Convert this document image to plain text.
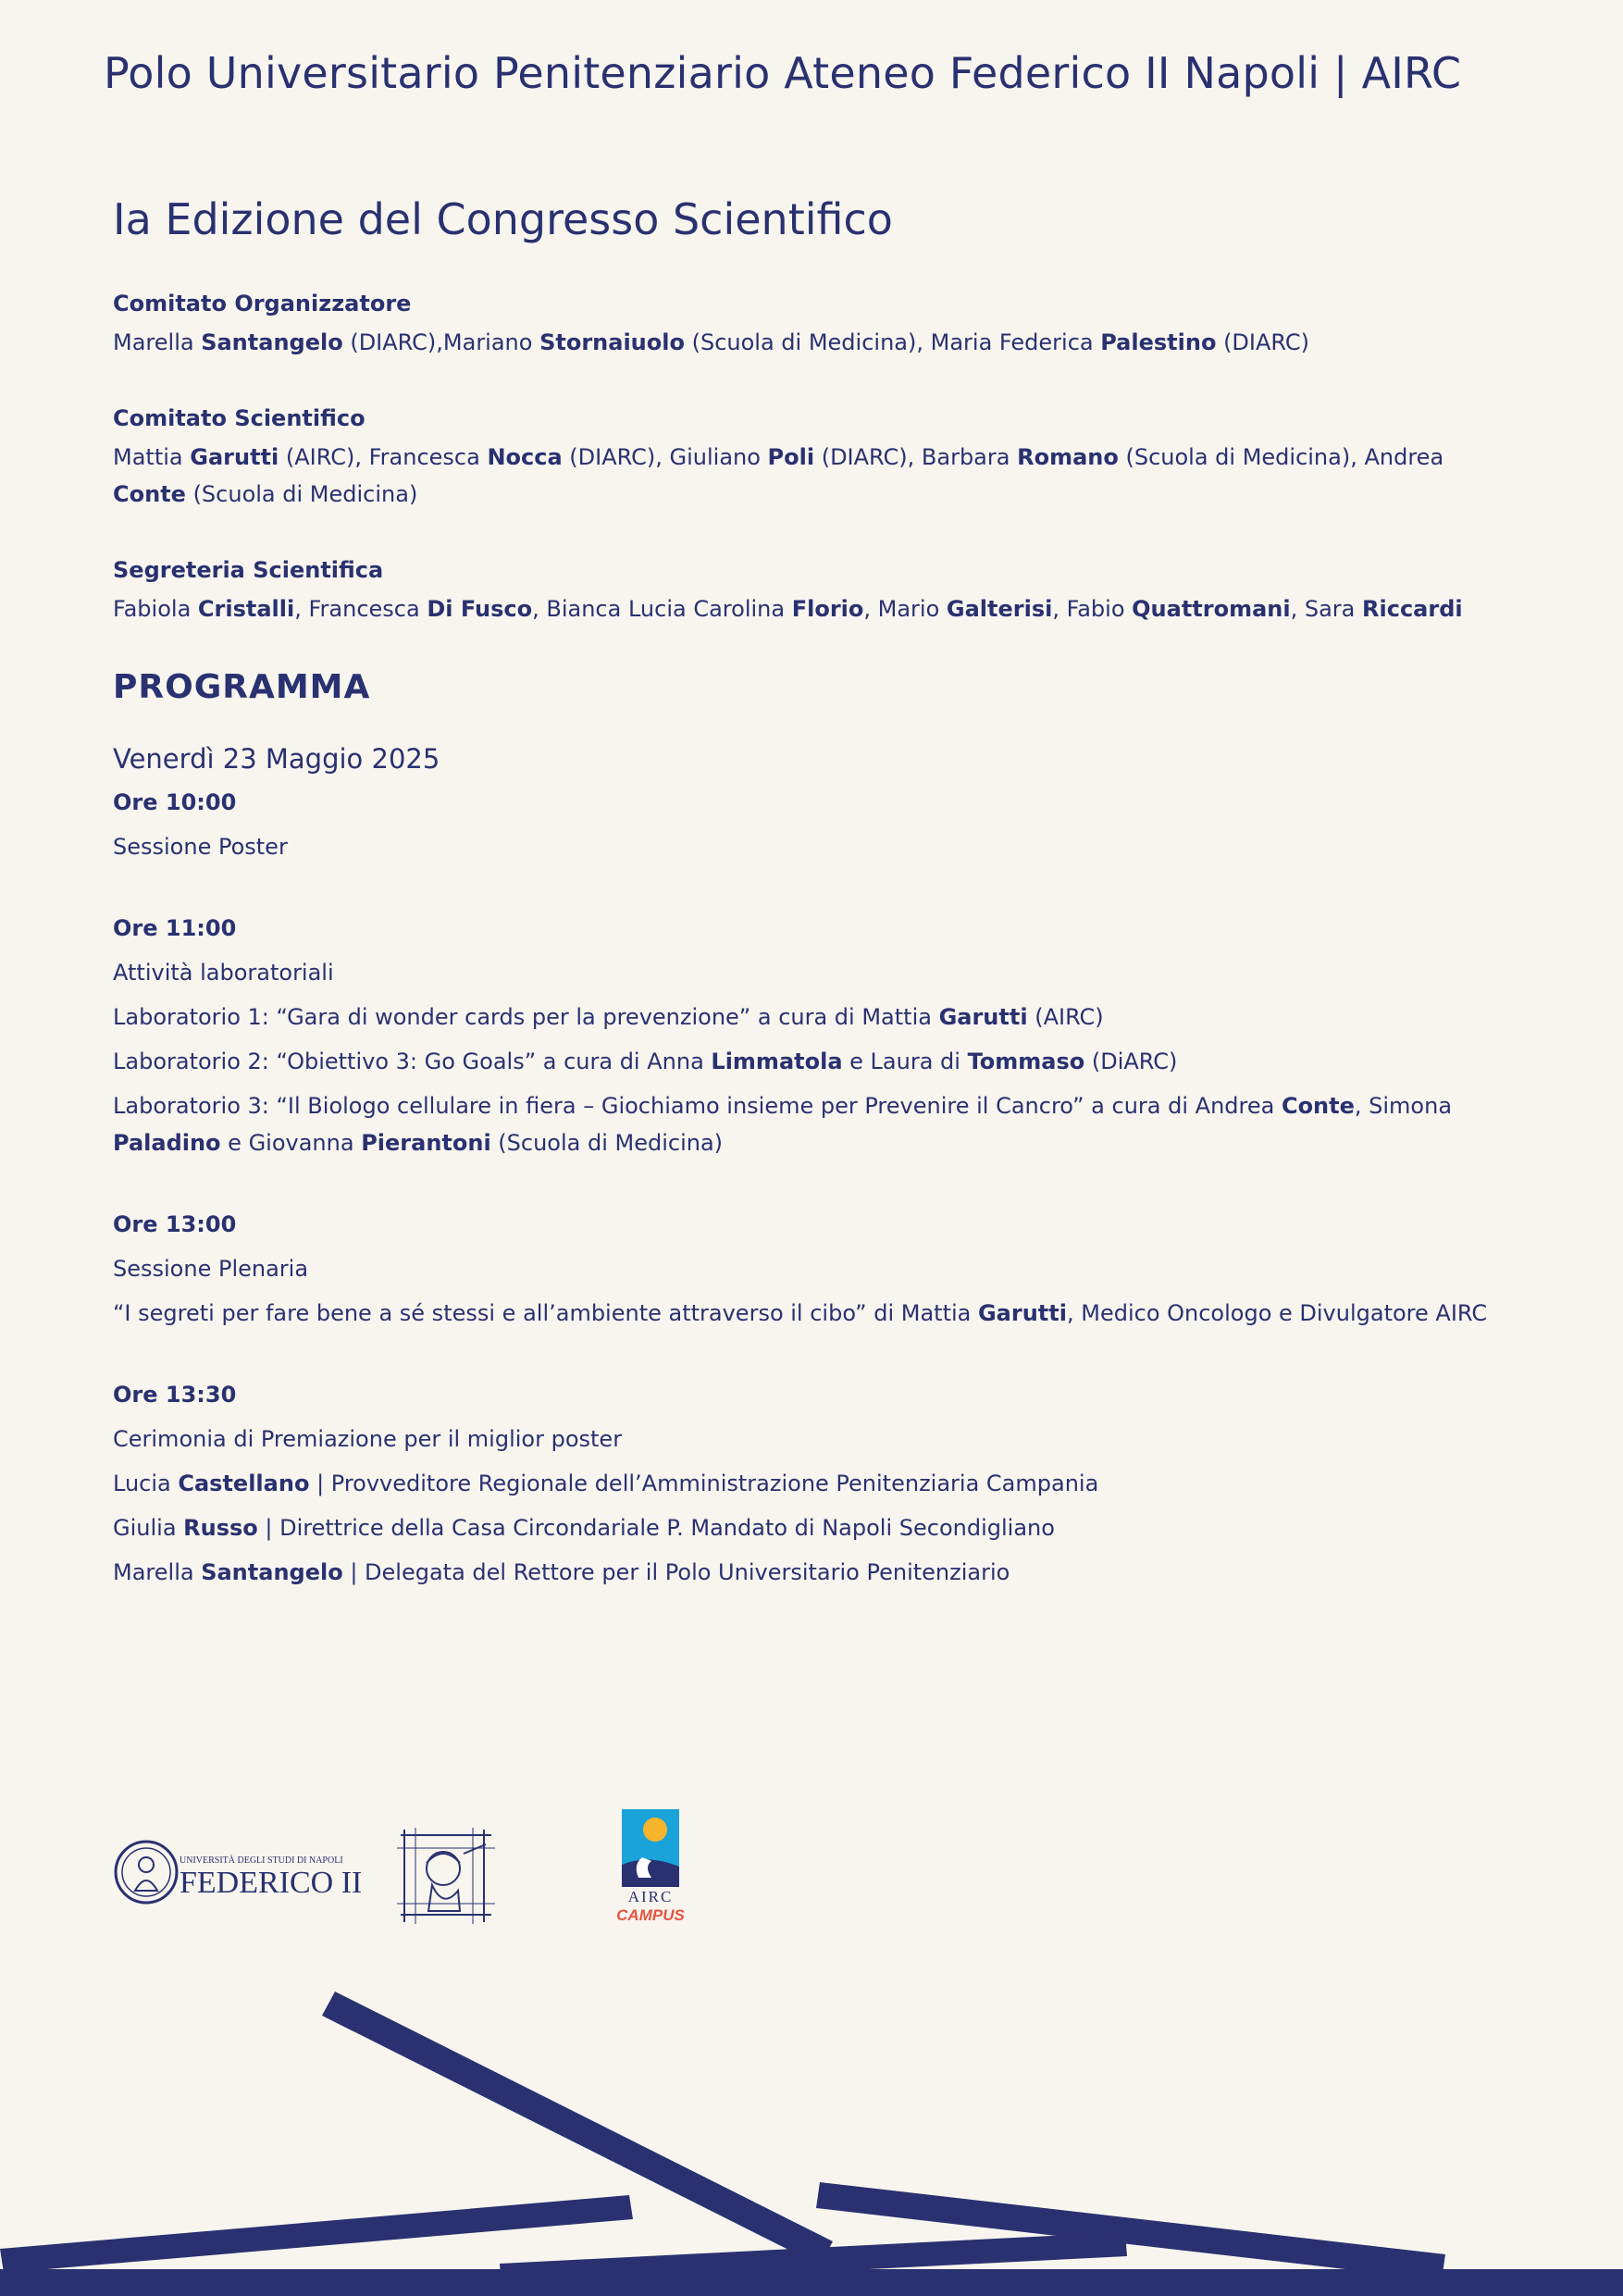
Polo Universitario Penitenziario Ateneo Federico II Napoli | AIRC
Ia Edizione del Congresso Scientifico
Comitato Organizzatore
Marella Santangelo (DIARC),Mariano Stornaiuolo (Scuola di Medicina), Maria Federica Palestino (DIARC)
Comitato Scientifico
Mattia Garutti (AIRC), Francesca Nocca (DIARC), Giuliano Poli (DIARC), Barbara Romano (Scuola di Medicina), Andrea Conte (Scuola di Medicina)
Segreteria Scientifica
Fabiola Cristalli, Francesca Di Fusco, Bianca Lucia Carolina Florio, Mario Galterisi, Fabio Quattromani, Sara Riccardi
PROGRAMMA
Venerdì 23 Maggio 2025
Ore 10:00
Sessione Poster
Ore 11:00
Attività laboratoriali
Laboratorio 1: “Gara di wonder cards per la prevenzione” a cura di Mattia Garutti (AIRC)
Laboratorio 2: “Obiettivo 3: Go Goals” a cura di Anna Limmatola e Laura di Tommaso (DiARC)
Laboratorio 3: “Il Biologo cellulare in fiera – Giochiamo insieme per Prevenire il Cancro” a cura di Andrea Conte, Simona Paladino e Giovanna Pierantoni (Scuola di Medicina)
Ore 13:00
Sessione Plenaria
“I segreti per fare bene a sé stessi e all’ambiente attraverso il cibo” di Mattia Garutti, Medico Oncologo e Divulgatore AIRC
Ore 13:30
Cerimonia di Premiazione per il miglior poster
Lucia Castellano | Provveditore Regionale dell’Amministrazione Penitenziaria Campania
Giulia Russo | Direttrice della Casa Circondariale P. Mandato di Napoli Secondigliano
Marella Santangelo | Delegata del Rettore per il Polo Universitario Penitenziario
UNIVERSITÀ DEGLI STUDI DI NAPOLI
FEDERICO II	AIRC
CAMPUS
